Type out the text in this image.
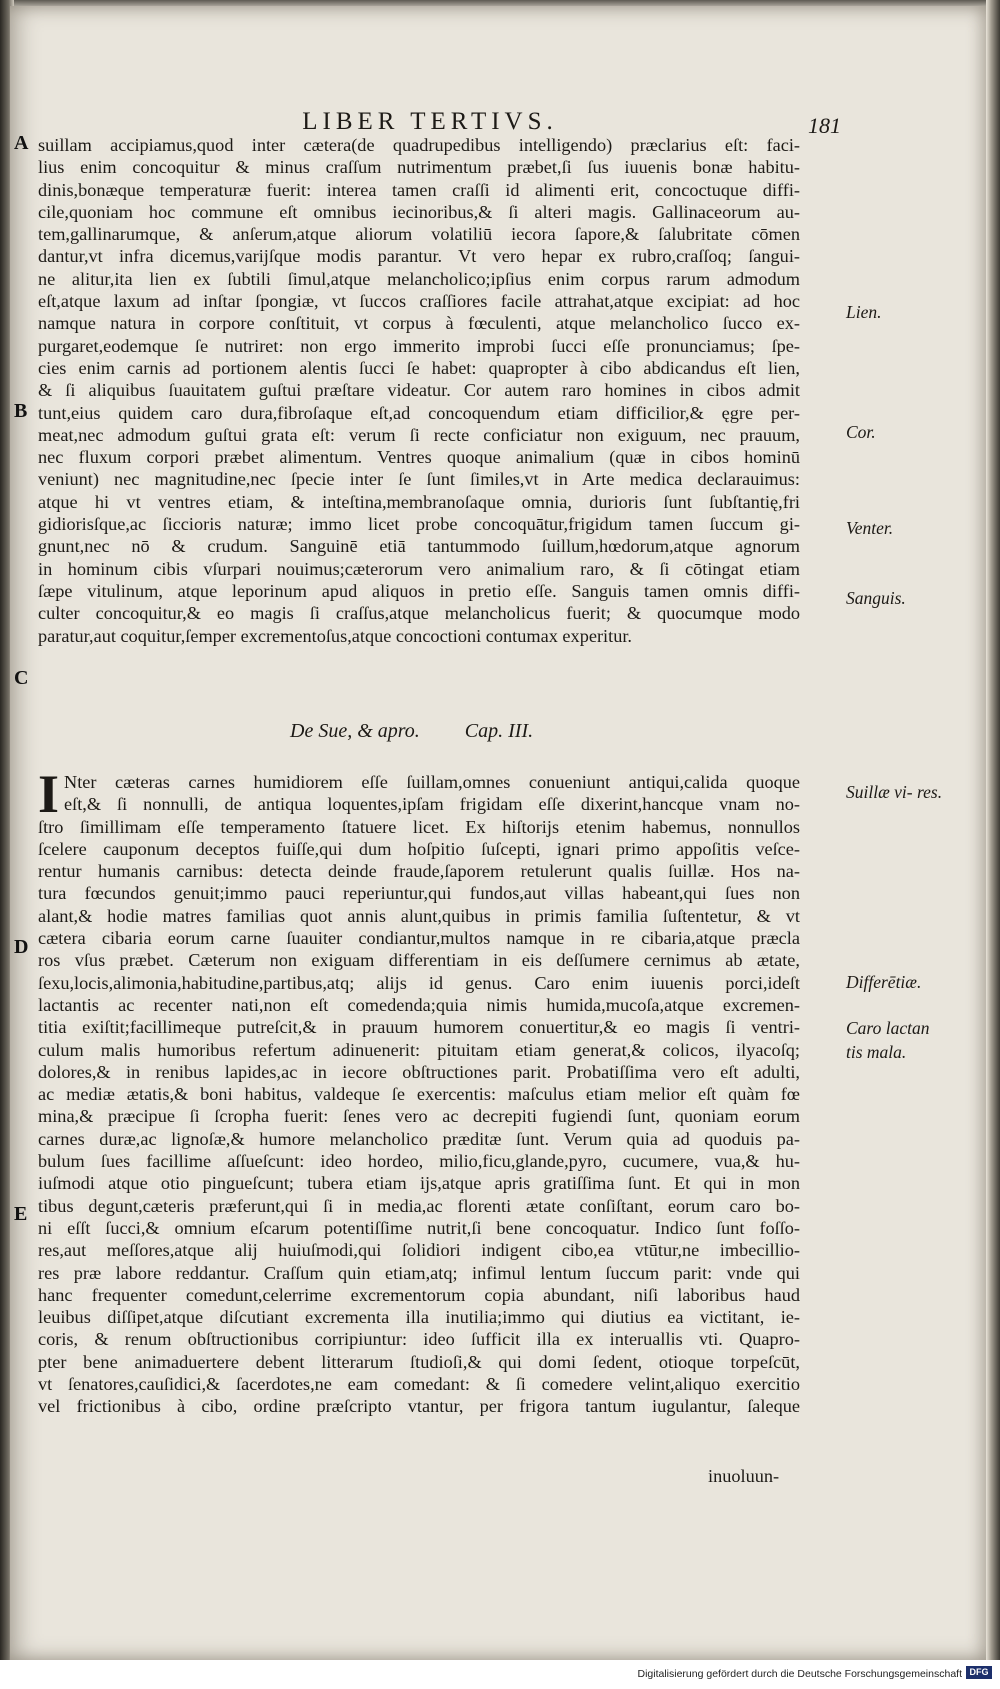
LIBER TERTIVS.	181
A
B
C
D
E
suillam accipiamus,quod inter cætera(de quadrupedibus intelligendo) præclarius eſt: faci-
lius enim concoquitur & minus craſſum nutrimentum præbet,ſi ſus iuuenis bonæ habitu-
dinis,bonæque temperaturæ fuerit: interea tamen craſſi id alimenti erit, concoctuque diffi-
cile,quoniam hoc commune eſt omnibus iecinoribus,& ſi alteri magis. Gallinaceorum au-
tem,gallinarumque, & anſerum,atque aliorum volatiliū iecora ſapore,& ſalubritate cōmen
dantur,vt infra dicemus,varijſque modis parantur. Vt vero hepar ex rubro,craſſoq; ſangui-
ne alitur,ita lien ex ſubtili ſimul,atque melancholico;ipſius enim corpus rarum admodum
eſt,atque laxum ad inſtar ſpongiæ, vt ſuccos craſſiores facile attrahat,atque excipiat: ad hoc
namque natura in corpore conſtituit, vt corpus à fœculenti, atque melancholico ſucco ex-
purgaret,eodemque ſe nutriret: non ergo immerito improbi ſucci eſſe pronunciamus; ſpe-
cies enim carnis ad portionem alentis ſucci ſe habet: quapropter à cibo abdicandus eſt lien,
& ſi aliquibus ſuauitatem guſtui præſtare videatur. Cor autem raro homines in cibos admit
tunt,eius quidem caro dura,fibroſaque eſt,ad concoquendum etiam difficilior,& ęgre per-
meat,nec admodum guſtui grata eſt: verum ſi recte conficiatur non exiguum, nec prauum,
nec fluxum corpori præbet alimentum. Ventres quoque animalium (quæ in cibos hominū
veniunt) nec magnitudine,nec ſpecie inter ſe ſunt ſimiles,vt in Arte medica declarauimus:
atque hi vt ventres etiam, & inteſtina,membranoſaque omnia, durioris ſunt ſubſtantię,fri
gidiorisſque,ac ſiccioris naturæ; immo licet probe concoquātur,frigidum tamen ſuccum gi-
gnunt,nec nō & crudum. Sanguinē etiā tantummodo ſuillum,hœdorum,atque agnorum
in hominum cibis vſurpari nouimus;cæterorum vero animalium raro, & ſi cōtingat etiam
ſæpe vitulinum, atque leporinum apud aliquos in pretio eſſe. Sanguis tamen omnis diffi-
culter concoquitur,& eo magis ſi craſſus,atque melancholicus fuerit; & quocumque modo
paratur,aut coquitur,ſemper excrementoſus,atque concoctioni contumax experitur.
De Sue, & apro. Cap. III.
I Nter cæteras carnes humidiorem eſſe ſuillam,omnes conueniunt antiqui,calida quoque
eſt,& ſi nonnulli, de antiqua loquentes,ipſam frigidam eſſe dixerint,hancque vnam no-
ſtro ſimillimam eſſe temperamento ſtatuere licet. Ex hiſtorijs etenim habemus, nonnullos
ſcelere cauponum deceptos fuiſſe,qui dum hoſpitio ſuſcepti, ignari primo appoſitis veſce-
rentur humanis carnibus: detecta deinde fraude,ſaporem retulerunt qualis ſuillæ. Hos na-
tura fœcundos genuit;immo pauci reperiuntur,qui fundos,aut villas habeant,qui ſues non
alant,& hodie matres familias quot annis alunt,quibus in primis familia ſuſtentetur, & vt
cætera cibaria eorum carne ſuauiter condiantur,multos namque in re cibaria,atque præcla
ros vſus præbet. Cæterum non exiguam differentiam in eis deſſumere cernimus ab ætate,
ſexu,locis,alimonia,habitudine,partibus,atq; alijs id genus. Caro enim iuuenis porci,ideſt
lactantis ac recenter nati,non eſt comedenda;quia nimis humida,mucoſa,atque excremen-
titia exiſtit;facillimeque putreſcit,& in prauum humorem conuertitur,& eo magis ſi ventri-
culum malis humoribus refertum adinuenerit: pituitam etiam generat,& colicos, ilyacoſq;
dolores,& in renibus lapides,ac in iecore obſtructiones parit. Probatiſſima vero eſt adulti,
ac mediæ ætatis,& boni habitus, valdeque ſe exercentis: maſculus etiam melior eſt quàm fœ
mina,& præcipue ſi ſcropha fuerit: ſenes vero ac decrepiti fugiendi ſunt, quoniam eorum
carnes duræ,ac lignoſæ,& humore melancholico præditæ ſunt. Verum quia ad quoduis pa-
bulum ſues facillime aſſueſcunt: ideo hordeo, milio,ficu,glande,pyro, cucumere, vua,& hu-
iuſmodi atque otio pingueſcunt; tubera etiam ijs,atque apris gratiſſima ſunt. Et qui in mon
tibus degunt,cæteris præferunt,qui ſi in media,ac florenti ætate conſiſtant, eorum caro bo-
ni eſſt ſucci,& omnium eſcarum potentiſſime nutrit,ſi bene concoquatur. Indico ſunt foſſo-
res,aut meſſores,atque alij huiuſmodi,qui ſolidiori indigent cibo,ea vtūtur,ne imbecillio-
res præ labore reddantur. Craſſum quin etiam,atq; infimul lentum ſuccum parit: vnde qui
hanc frequenter comedunt,celerrime excrementorum copia abundant, niſi laboribus haud
leuibus diſſipet,atque diſcutiant excrementa illa inutilia;immo qui diutius ea victitant, ie-
coris, & renum obſtructionibus corripiuntur: ideo ſufficit illa ex interuallis vti. Quapro-
pter bene animaduertere debent litterarum ſtudioſi,& qui domi ſedent, otioque torpeſcūt,
vt ſenatores,cauſidici,& ſacerdotes,ne eam comedant: & ſi comedere velint,aliquo exercitio
vel frictionibus à cibo, ordine præſcripto vtantur, per frigora tantum iugulantur, ſaleque
inuoluun-
Lien.
Cor.
Venter.
Sanguis.
Suillæ vi- res.
Differētiæ.
Caro lactan tis mala.
Digitalisierung gefördert durch die Deutsche Forschungsgemeinschaft DFG
